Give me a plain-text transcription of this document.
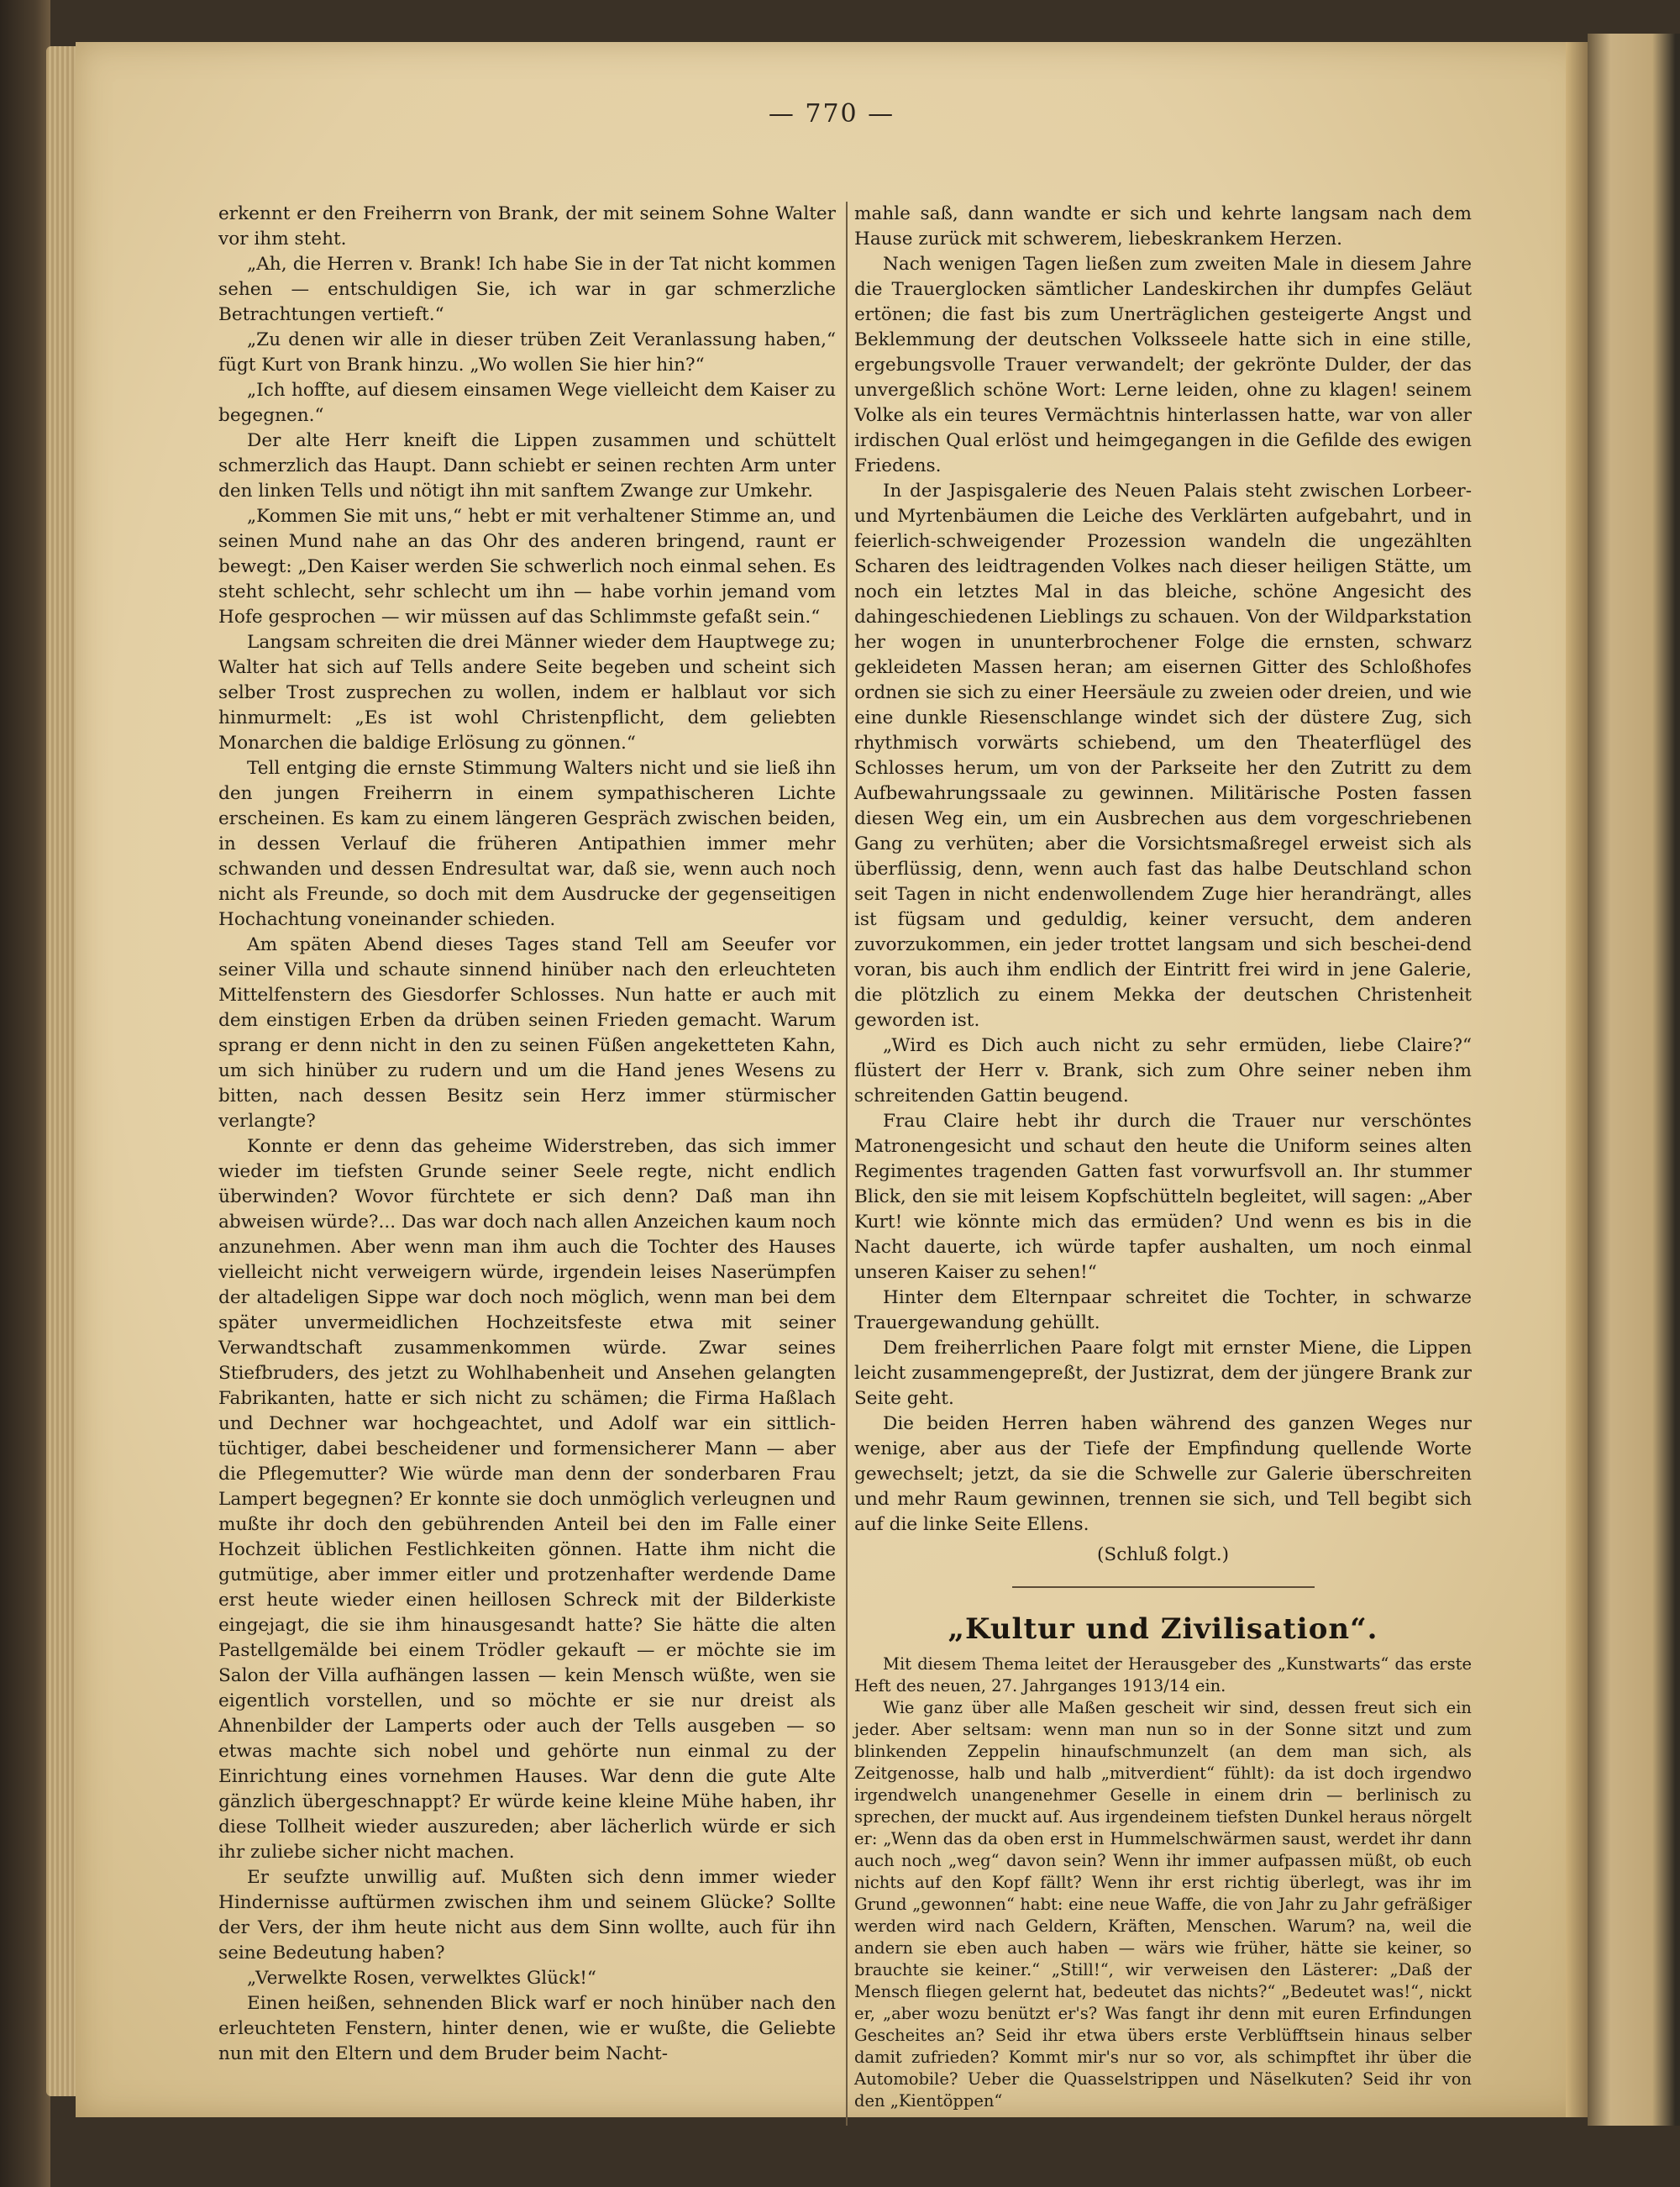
— 770 —

erkennt er den Freiherrn von Brank, der mit seinem Sohne Walter vor ihm steht.

„Ah, die Herren v. Brank! Ich habe Sie in der Tat nicht kommen sehen — entschuldigen Sie, ich war in gar schmerzliche Betrachtungen vertieft.“

„Zu denen wir alle in dieser trüben Zeit Veranlassung haben,“ fügt Kurt von Brank hinzu. „Wo wollen Sie hier hin?“

„Ich hoffte, auf diesem einsamen Wege vielleicht dem Kaiser zu begegnen.“

Der alte Herr kneift die Lippen zusammen und schüttelt schmerzlich das Haupt. Dann schiebt er seinen rechten Arm unter den linken Tells und nötigt ihn mit sanftem Zwange zur Umkehr.

„Kommen Sie mit uns,“ hebt er mit verhaltener Stimme an, und seinen Mund nahe an das Ohr des anderen bringend, raunt er bewegt: „Den Kaiser werden Sie schwerlich noch einmal sehen. Es steht schlecht, sehr schlecht um ihn — habe vorhin jemand vom Hofe gesprochen — wir müssen auf das Schlimmste gefaßt sein.“

Langsam schreiten die drei Männer wieder dem Hauptwege zu; Walter hat sich auf Tells andere Seite begeben und scheint sich selber Trost zusprechen zu wollen, indem er halblaut vor sich hinmurmelt: „Es ist wohl Christenpflicht, dem geliebten Monarchen die baldige Erlösung zu gönnen.“

Tell entging die ernste Stimmung Walters nicht und sie ließ ihn den jungen Freiherrn in einem sympathischeren Lichte erscheinen. Es kam zu einem längeren Gespräch zwischen beiden, in dessen Verlauf die früheren Antipathien immer mehr schwanden und dessen Endresultat war, daß sie, wenn auch noch nicht als Freunde, so doch mit dem Ausdrucke der gegenseitigen Hochachtung voneinander schieden.

Am späten Abend dieses Tages stand Tell am Seeufer vor seiner Villa und schaute sinnend hinüber nach den erleuchteten Mittelfenstern des Giesdorfer Schlosses. Nun hatte er auch mit dem einstigen Erben da drüben seinen Frieden gemacht. Warum sprang er denn nicht in den zu seinen Füßen angeketteten Kahn, um sich hinüber zu rudern und um die Hand jenes Wesens zu bitten, nach dessen Besitz sein Herz immer stürmischer verlangte?

Konnte er denn das geheime Widerstreben, das sich immer wieder im tiefsten Grunde seiner Seele regte, nicht endlich überwinden? Wovor fürchtete er sich denn? Daß man ihn abweisen würde?... Das war doch nach allen Anzeichen kaum noch anzunehmen. Aber wenn man ihm auch die Tochter des Hauses vielleicht nicht verweigern würde, irgendein leises Naserümpfen der altadeligen Sippe war doch noch möglich, wenn man bei dem später unvermeidlichen Hochzeitsfeste etwa mit seiner Verwandtschaft zusammenkommen würde. Zwar seines Stiefbruders, des jetzt zu Wohlhabenheit und Ansehen gelangten Fabrikanten, hatte er sich nicht zu schämen; die Firma Haßlach und Dechner war hochgeachtet, und Adolf war ein sittlich-tüchtiger, dabei bescheidener und formensicherer Mann — aber die Pflegemutter? Wie würde man denn der sonderbaren Frau Lampert begegnen? Er konnte sie doch unmöglich verleugnen und mußte ihr doch den gebührenden Anteil bei den im Falle einer Hochzeit üblichen Festlichkeiten gönnen. Hatte ihm nicht die gutmütige, aber immer eitler und protzenhafter werdende Dame erst heute wieder einen heillosen Schreck mit der Bilderkiste eingejagt, die sie ihm hinausgesandt hatte? Sie hätte die alten Pastellgemälde bei einem Trödler gekauft — er möchte sie im Salon der Villa aufhängen lassen — kein Mensch wüßte, wen sie eigentlich vorstellen, und so möchte er sie nur dreist als Ahnenbilder der Lamperts oder auch der Tells ausgeben — so etwas machte sich nobel und gehörte nun einmal zu der Einrichtung eines vornehmen Hauses. War denn die gute Alte gänzlich übergeschnappt? Er würde keine kleine Mühe haben, ihr diese Tollheit wieder auszureden; aber lächerlich würde er sich ihr zuliebe sicher nicht machen.

Er seufzte unwillig auf. Mußten sich denn immer wieder Hindernisse auftürmen zwischen ihm und seinem Glücke? Sollte der Vers, der ihm heute nicht aus dem Sinn wollte, auch für ihn seine Bedeutung haben?

„Verwelkte Rosen, verwelktes Glück!“

Einen heißen, sehnenden Blick warf er noch hinüber nach den erleuchteten Fenstern, hinter denen, wie er wußte, die Geliebte nun mit den Eltern und dem Bruder beim Nacht-

mahle saß, dann wandte er sich und kehrte langsam nach dem Hause zurück mit schwerem, liebeskrankem Herzen.

Nach wenigen Tagen ließen zum zweiten Male in diesem Jahre die Trauerglocken sämtlicher Landeskirchen ihr dumpfes Geläut ertönen; die fast bis zum Unerträglichen gesteigerte Angst und Beklemmung der deutschen Volksseele hatte sich in eine stille, ergebungsvolle Trauer verwandelt; der gekrönte Dulder, der das unvergeßlich schöne Wort: Lerne leiden, ohne zu klagen! seinem Volke als ein teures Vermächtnis hinterlassen hatte, war von aller irdischen Qual erlöst und heimgegangen in die Gefilde des ewigen Friedens.

In der Jaspisgalerie des Neuen Palais steht zwischen Lorbeer- und Myrtenbäumen die Leiche des Verklärten aufgebahrt, und in feierlich-schweigender Prozession wandeln die ungezählten Scharen des leidtragenden Volkes nach dieser heiligen Stätte, um noch ein letztes Mal in das bleiche, schöne Angesicht des dahingeschiedenen Lieblings zu schauen. Von der Wildparkstation her wogen in ununterbrochener Folge die ernsten, schwarz gekleideten Massen heran; am eisernen Gitter des Schloßhofes ordnen sie sich zu einer Heersäule zu zweien oder dreien, und wie eine dunkle Riesenschlange windet sich der düstere Zug, sich rhythmisch vorwärts schiebend, um den Theaterflügel des Schlosses herum, um von der Parkseite her den Zutritt zu dem Aufbewahrungssaale zu gewinnen. Militärische Posten fassen diesen Weg ein, um ein Ausbrechen aus dem vorgeschriebenen Gang zu verhüten; aber die Vorsichtsmaßregel erweist sich als überflüssig, denn, wenn auch fast das halbe Deutschland schon seit Tagen in nicht endenwollendem Zuge hier herandrängt, alles ist fügsam und geduldig, keiner versucht, dem anderen zuvorzukommen, ein jeder trottet langsam und sich beschei-dend voran, bis auch ihm endlich der Eintritt frei wird in jene Galerie, die plötzlich zu einem Mekka der deutschen Christenheit geworden ist.

„Wird es Dich auch nicht zu sehr ermüden, liebe Claire?“ flüstert der Herr v. Brank, sich zum Ohre seiner neben ihm schreitenden Gattin beugend.

Frau Claire hebt ihr durch die Trauer nur verschöntes Matronengesicht und schaut den heute die Uniform seines alten Regimentes tragenden Gatten fast vorwurfsvoll an. Ihr stummer Blick, den sie mit leisem Kopfschütteln begleitet, will sagen: „Aber Kurt! wie könnte mich das ermüden? Und wenn es bis in die Nacht dauerte, ich würde tapfer aushalten, um noch einmal unseren Kaiser zu sehen!“

Hinter dem Elternpaar schreitet die Tochter, in schwarze Trauergewandung gehüllt.

Dem freiherrlichen Paare folgt mit ernster Miene, die Lippen leicht zusammengepreßt, der Justizrat, dem der jüngere Brank zur Seite geht.

Die beiden Herren haben während des ganzen Weges nur wenige, aber aus der Tiefe der Empfindung quellende Worte gewechselt; jetzt, da sie die Schwelle zur Galerie überschreiten und mehr Raum gewinnen, trennen sie sich, und Tell begibt sich auf die linke Seite Ellens.

(Schluß folgt.)

„Kultur und Zivilisation“.

Mit diesem Thema leitet der Herausgeber des „Kunstwarts“ das erste Heft des neuen, 27. Jahrganges 1913/14 ein.

Wie ganz über alle Maßen gescheit wir sind, dessen freut sich ein jeder. Aber seltsam: wenn man nun so in der Sonne sitzt und zum blinkenden Zeppelin hinaufschmunzelt (an dem man sich, als Zeitgenosse, halb und halb „mitverdient“ fühlt): da ist doch irgendwo irgendwelch unangenehmer Geselle in einem drin — berlinisch zu sprechen, der muckt auf. Aus irgendeinem tiefsten Dunkel heraus nörgelt er: „Wenn das da oben erst in Hummelschwärmen saust, werdet ihr dann auch noch „weg“ davon sein? Wenn ihr immer aufpassen müßt, ob euch nichts auf den Kopf fällt? Wenn ihr erst richtig überlegt, was ihr im Grund „gewonnen“ habt: eine neue Waffe, die von Jahr zu Jahr gefräßiger werden wird nach Geldern, Kräften, Menschen. Warum? na, weil die andern sie eben auch haben — wärs wie früher, hätte sie keiner, so brauchte sie keiner.“ „Still!“, wir verweisen den Lästerer: „Daß der Mensch fliegen gelernt hat, bedeutet das nichts?“ „Bedeutet was!“, nickt er, „aber wozu benützt er's? Was fangt ihr denn mit euren Erfindungen Gescheites an? Seid ihr etwa übers erste Verblüfftsein hinaus selber damit zufrieden? Kommt mir's nur so vor, als schimpftet ihr über die Automobile? Ueber die Quasselstrippen und Näselkuten? Seid ihr von den „Kientöppen“
